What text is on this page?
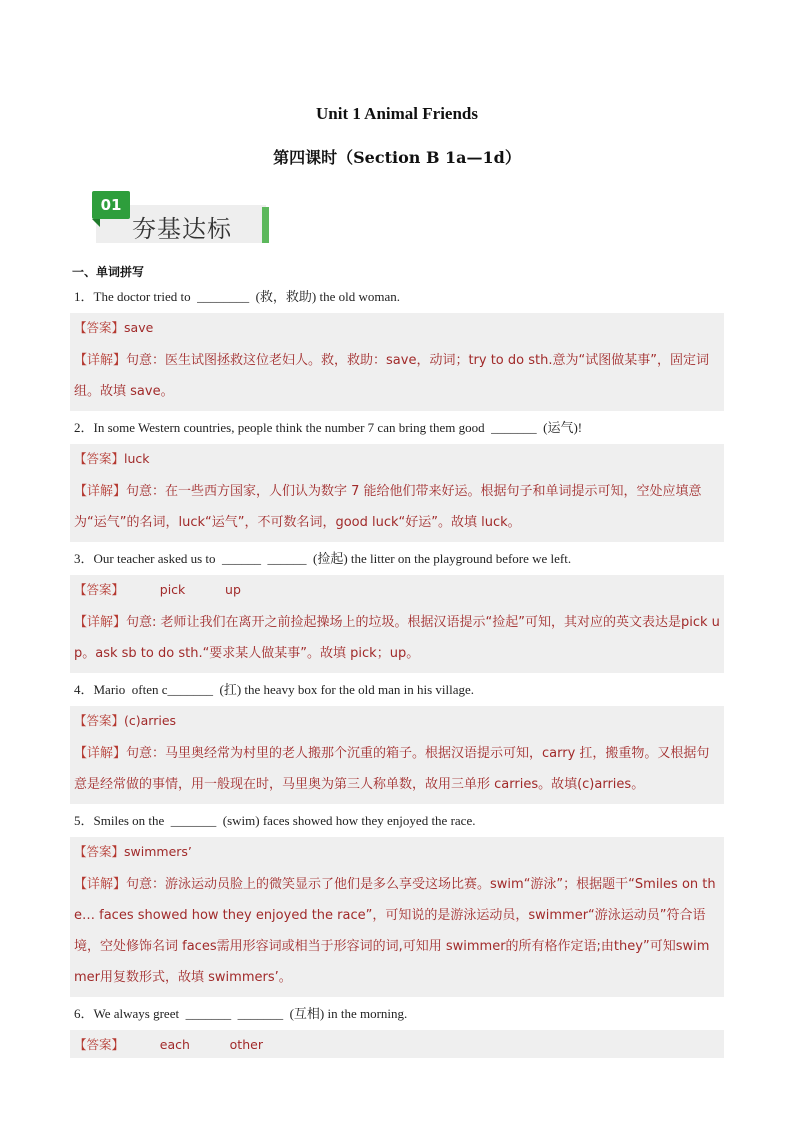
Unit 1 Animal Friends
第四课时（Section B 1a—1d）
01
夯基达标
一、单词拼写
1．The doctor tried to  ________  (救，救助) the old woman.
【答案】save
【详解】句意：医生试图拯救这位老妇人。救，救助：save，动词；try to do sth.意为“试图做某事”，固定词组。故填 save。
2．In some Western countries, people think the number 7 can bring them good  _______  (运气)!
【答案】luck
【详解】句意：在一些西方国家，人们认为数字 7 能给他们带来好运。根据句子和单词提示可知，空处应填意为“运气”的名词，luck“运气”，不可数名词，good luck“好运”。故填 luck。
3．Our teacher asked us to  ______  ______  (捡起) the litter on the playground before we left.
【答案】         pick          up
【详解】句意: 老师让我们在离开之前捡起操场上的垃圾。根据汉语提示“捡起”可知，其对应的英文表达是pick up。ask sb to do sth.“要求某人做某事”。故填 pick；up。
4．Mario  often c_______  (扛) the heavy box for the old man in his village.
【答案】(c)arries
【详解】句意：马里奥经常为村里的老人搬那个沉重的箱子。根据汉语提示可知，carry 扛，搬重物。又根据句意是经常做的事情，用一般现在时，马里奥为第三人称单数，故用三单形 carries。故填(c)arries。
5．Smiles on the  _______  (swim) faces showed how they enjoyed the race.
【答案】swimmers’
【详解】句意：游泳运动员脸上的微笑显示了他们是多么享受这场比赛。swim“游泳”；根据题干“Smiles on the… faces showed how they enjoyed the race”，可知说的是游泳运动员，swimmer“游泳运动员”符合语境，空处修饰名词 faces需用形容词或相当于形容词的词,可知用 swimmer的所有格作定语;由they”可知swimmer用复数形式，故填 swimmers’。
6．We always greet  _______  _______  (互相) in the morning.
【答案】         each          other
